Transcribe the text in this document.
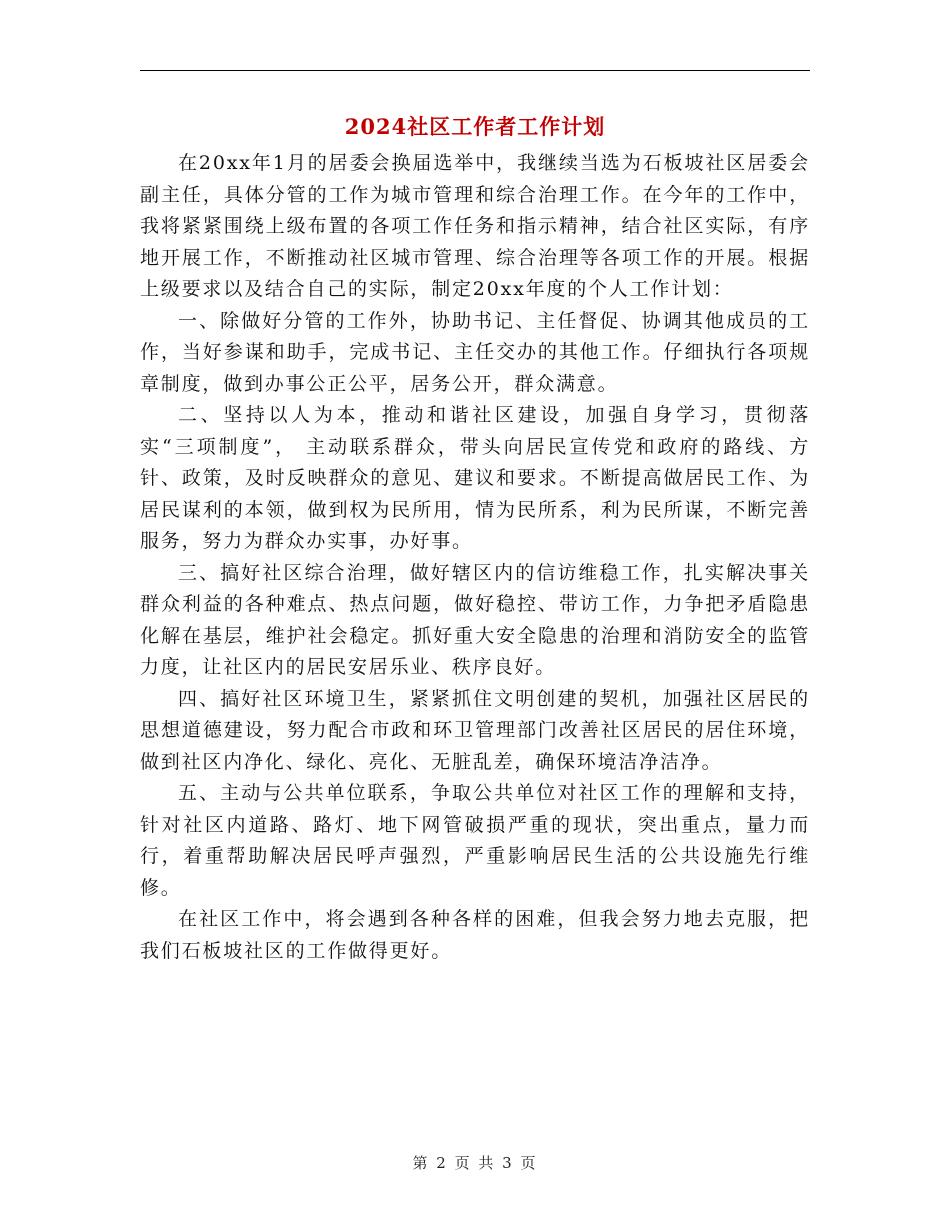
2024社区工作者工作计划

在20xx年1月的居委会换届选举中，我继续当选为石板坡社区居委会副主任，具体分管的工作为城市管理和综合治理工作。在今年的工作中，我将紧紧围绕上级布置的各项工作任务和指示精神，结合社区实际，有序地开展工作，不断推动社区城市管理、综合治理等各项工作的开展。根据上级要求以及结合自己的实际，制定20xx年度的个人工作计划：

一、除做好分管的工作外，协助书记、主任督促、协调其他成员的工作，当好参谋和助手，完成书记、主任交办的其他工作。仔细执行各项规章制度，做到办事公正公平，居务公开，群众满意。

二、坚持以人为本，推动和谐社区建设，加强自身学习，贯彻落实“三项制度”， 主动联系群众，带头向居民宣传党和政府的路线、方针、政策，及时反映群众的意见、建议和要求。不断提高做居民工作、为居民谋利的本领，做到权为民所用，情为民所系，利为民所谋，不断完善服务，努力为群众办实事，办好事。

三、搞好社区综合治理，做好辖区内的信访维稳工作，扎实解决事关群众利益的各种难点、热点问题，做好稳控、带访工作，力争把矛盾隐患化解在基层，维护社会稳定。抓好重大安全隐患的治理和消防安全的监管力度，让社区内的居民安居乐业、秩序良好。

四、搞好社区环境卫生，紧紧抓住文明创建的契机，加强社区居民的思想道德建设，努力配合市政和环卫管理部门改善社区居民的居住环境，做到社区内净化、绿化、亮化、无脏乱差，确保环境洁净洁净。

五、主动与公共单位联系，争取公共单位对社区工作的理解和支持，针对社区内道路、路灯、地下网管破损严重的现状，突出重点，量力而行，着重帮助解决居民呼声强烈，严重影响居民生活的公共设施先行维修。

在社区工作中，将会遇到各种各样的困难，但我会努力地去克服，把我们石板坡社区的工作做得更好。

第 2 页 共 3 页
